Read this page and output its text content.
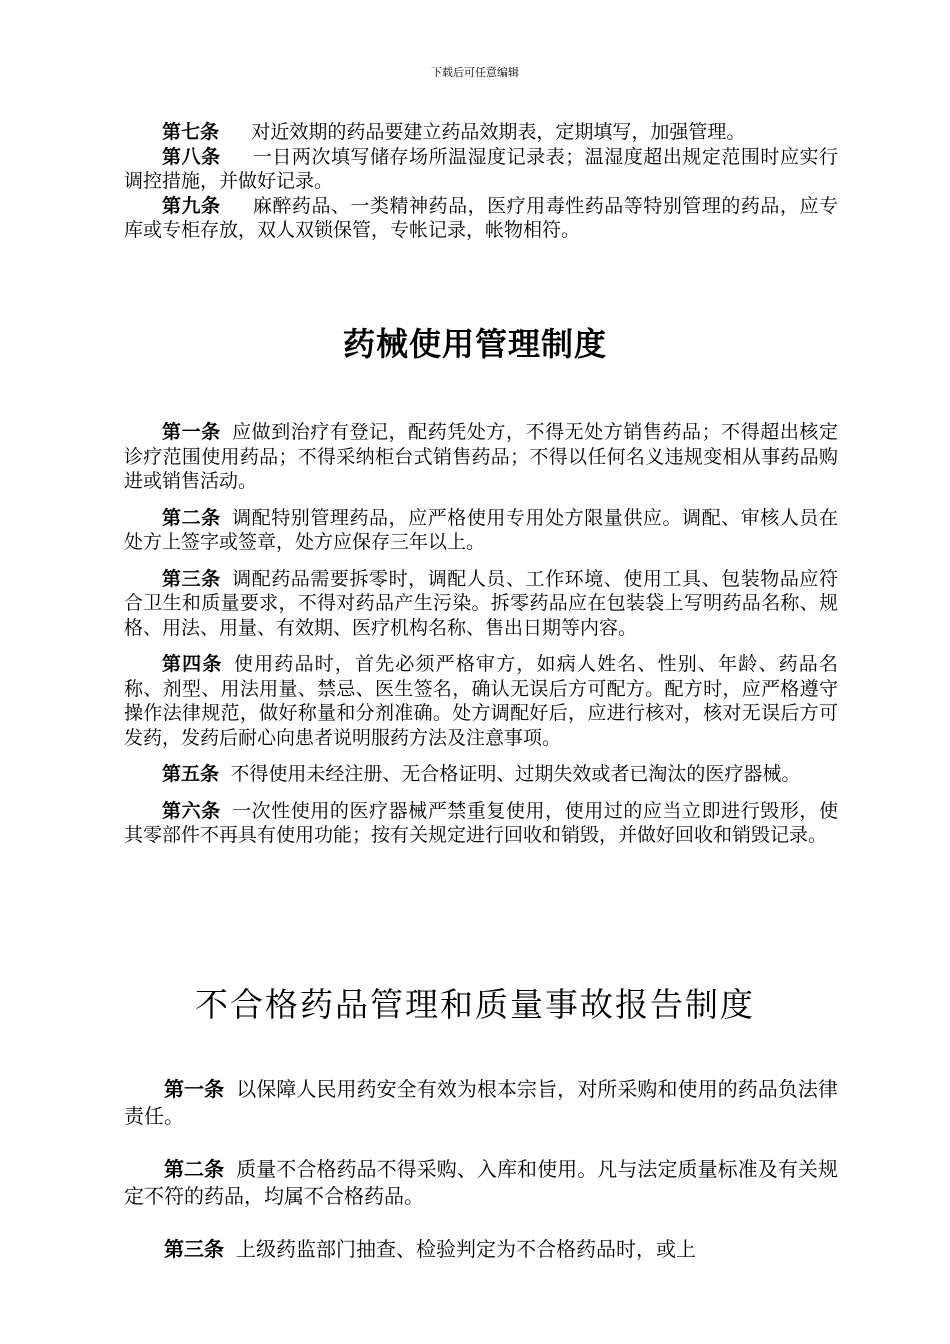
下载后可任意编辑

第七条 对近效期的药品要建立药品效期表，定期填写，加强管理。

第八条 一日两次填写储存场所温湿度记录表；温湿度超出规定范围时应实行调控措施，并做好记录。

第九条 麻醉药品、一类精神药品，医疗用毒性药品等特别管理的药品，应专库或专柜存放，双人双锁保管，专帐记录，帐物相符。

药械使用管理制度

第一条 应做到治疗有登记，配药凭处方，不得无处方销售药品；不得超出核定诊疗范围使用药品；不得采纳柜台式销售药品；不得以任何名义违规变相从事药品购进或销售活动。

第二条 调配特别管理药品，应严格使用专用处方限量供应。调配、审核人员在处方上签字或签章，处方应保存三年以上。

第三条 调配药品需要拆零时，调配人员、工作环境、使用工具、包装物品应符合卫生和质量要求，不得对药品产生污染。拆零药品应在包装袋上写明药品名称、规格、用法、用量、有效期、医疗机构名称、售出日期等内容。

第四条 使用药品时，首先必须严格审方，如病人姓名、性别、年龄、药品名称、剂型、用法用量、禁忌、医生签名，确认无误后方可配方。配方时，应严格遵守操作法律规范，做好称量和分剂准确。处方调配好后，应进行核对，核对无误后方可发药，发药后耐心向患者说明服药方法及注意事项。

第五条 不得使用未经注册、无合格证明、过期失效或者已淘汰的医疗器械。

第六条 一次性使用的医疗器械严禁重复使用，使用过的应当立即进行毁形，使其零部件不再具有使用功能；按有关规定进行回收和销毁，并做好回收和销毁记录。

不合格药品管理和质量事故报告制度

第一条 以保障人民用药安全有效为根本宗旨，对所采购和使用的药品负法律责任。

第二条 质量不合格药品不得采购、入库和使用。凡与法定质量标准及有关规定不符的药品，均属不合格药品。

第三条 上级药监部门抽查、检验判定为不合格药品时，或上
